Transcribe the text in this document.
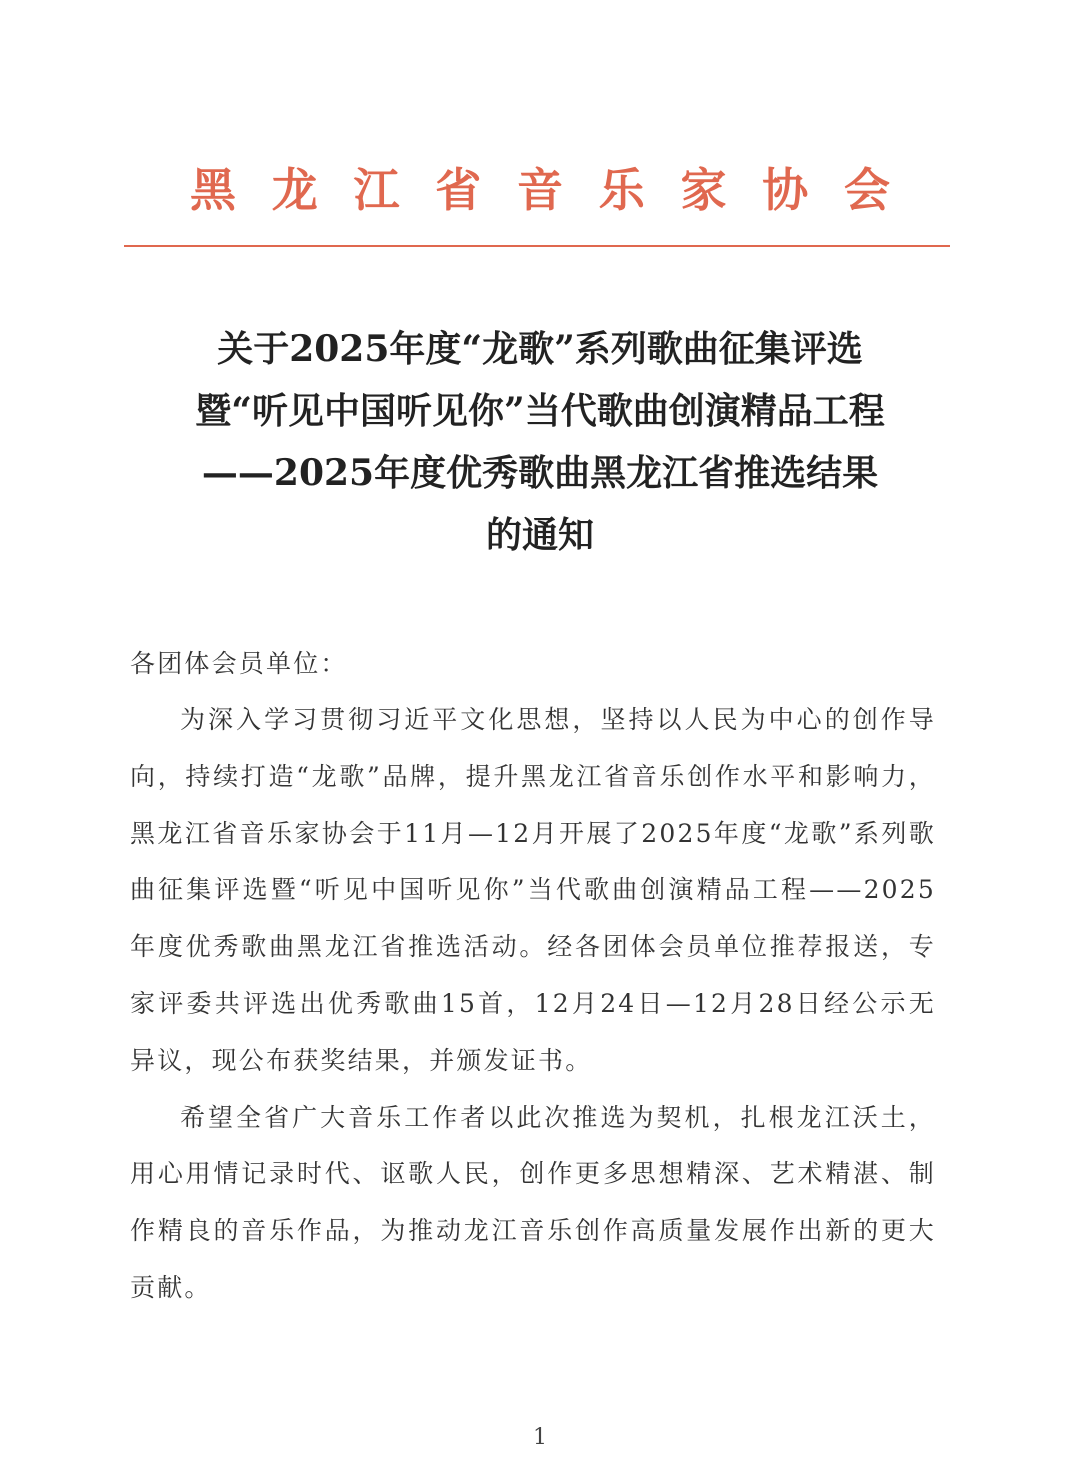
黑 龙 江 省 音 乐 家 协 会
关于2025年度“龙歌”系列歌曲征集评选
暨“听见中国听见你”当代歌曲创演精品工程
——2025年度优秀歌曲黑龙江省推选结果
的通知
各团体会员单位：

为深入学习贯彻习近平文化思想，坚持以人民为中心的创作导向，持续打造“龙歌”品牌，提升黑龙江省音乐创作水平和影响力，黑龙江省音乐家协会于11月—12月开展了2025年度“龙歌”系列歌曲征集评选暨“听见中国听见你”当代歌曲创演精品工程——2025年度优秀歌曲黑龙江省推选活动。经各团体会员单位推荐报送，专家评委共评选出优秀歌曲15首，12月24日—12月28日经公示无异议，现公布获奖结果，并颁发证书。

希望全省广大音乐工作者以此次推选为契机，扎根龙江沃土，用心用情记录时代、讴歌人民，创作更多思想精深、艺术精湛、制作精良的音乐作品，为推动龙江音乐创作高质量发展作出新的更大贡献。

1
